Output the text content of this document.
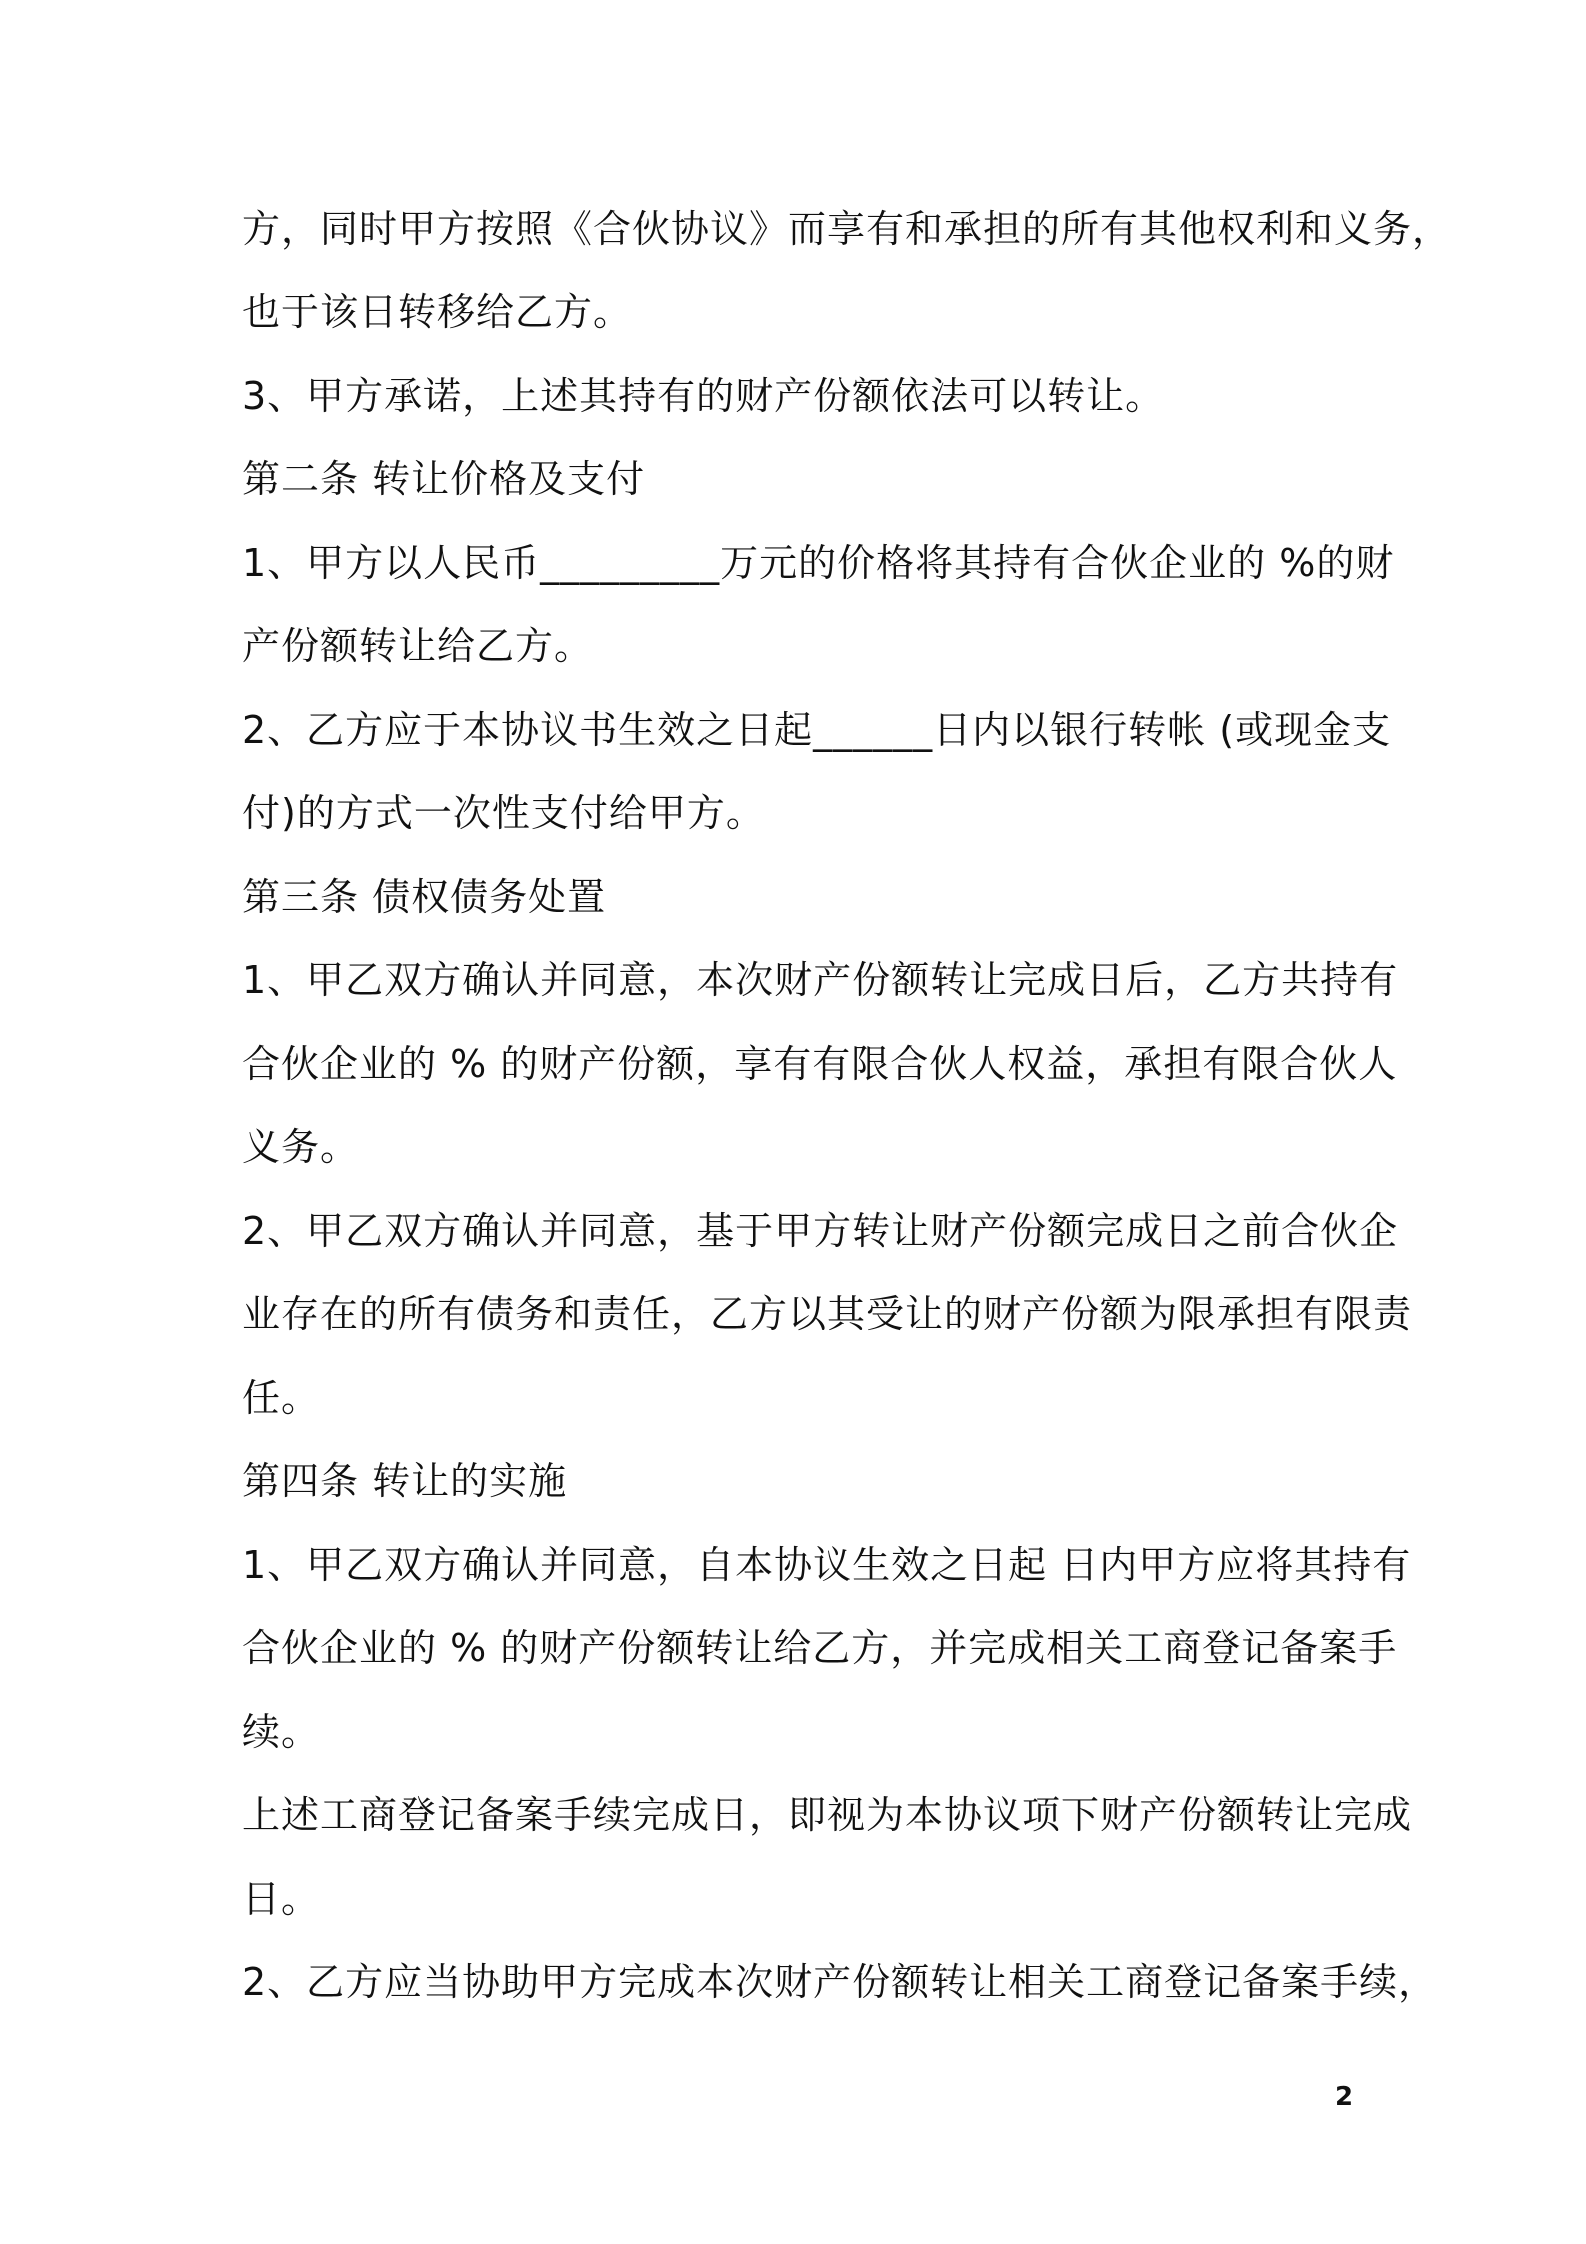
方，同时甲方按照《合伙协议》而享有和承担的所有其他权利和义务，
也于该日转移给乙方。
3、甲方承诺，上述其持有的财产份额依法可以转让。
第二条 转让价格及支付
1、甲方以人民币_________万元的价格将其持有合伙企业的 %的财
产份额转让给乙方。
2、乙方应于本协议书生效之日起______日内以银行转帐 (或现金支
付)的方式一次性支付给甲方。
第三条 债权债务处置
1、甲乙双方确认并同意，本次财产份额转让完成日后，乙方共持有
合伙企业的 % 的财产份额，享有有限合伙人权益，承担有限合伙人
义务。
2、甲乙双方确认并同意，基于甲方转让财产份额完成日之前合伙企
业存在的所有债务和责任，乙方以其受让的财产份额为限承担有限责
任。
第四条 转让的实施
1、甲乙双方确认并同意，自本协议生效之日起 日内甲方应将其持有
合伙企业的 % 的财产份额转让给乙方，并完成相关工商登记备案手
续。
上述工商登记备案手续完成日，即视为本协议项下财产份额转让完成
日。
2、乙方应当协助甲方完成本次财产份额转让相关工商登记备案手续，
2
